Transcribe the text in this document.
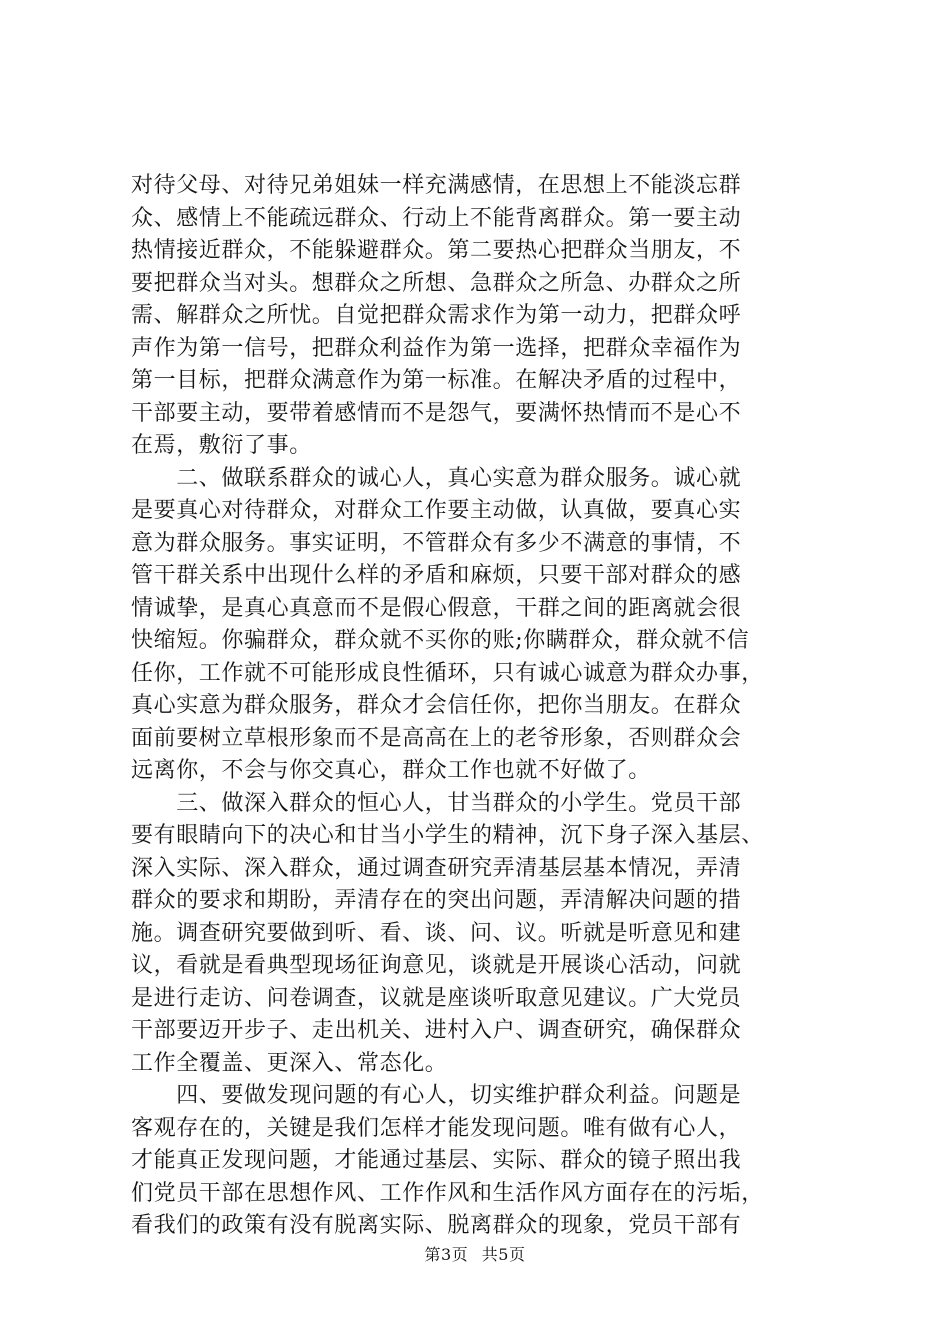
对待父母、对待兄弟姐妹一样充满感情，在思想上不能淡忘群
众、感情上不能疏远群众、行动上不能背离群众。第一要主动
热情接近群众，不能躲避群众。第二要热心把群众当朋友，不
要把群众当对头。想群众之所想、急群众之所急、办群众之所
需、解群众之所忧。自觉把群众需求作为第一动力，把群众呼
声作为第一信号，把群众利益作为第一选择，把群众幸福作为
第一目标，把群众满意作为第一标准。在解决矛盾的过程中，
干部要主动，要带着感情而不是怨气，要满怀热情而不是心不
在焉，敷衍了事。
　　二、做联系群众的诚心人，真心实意为群众服务。诚心就
是要真心对待群众，对群众工作要主动做，认真做，要真心实
意为群众服务。事实证明，不管群众有多少不满意的事情，不
管干群关系中出现什么样的矛盾和麻烦，只要干部对群众的感
情诚挚，是真心真意而不是假心假意，干群之间的距离就会很
快缩短。你骗群众，群众就不买你的账;你瞒群众，群众就不信
任你，工作就不可能形成良性循环，只有诚心诚意为群众办事，
真心实意为群众服务，群众才会信任你，把你当朋友。在群众
面前要树立草根形象而不是高高在上的老爷形象，否则群众会
远离你，不会与你交真心，群众工作也就不好做了。
　　三、做深入群众的恒心人，甘当群众的小学生。党员干部
要有眼睛向下的决心和甘当小学生的精神，沉下身子深入基层、
深入实际、深入群众，通过调查研究弄清基层基本情况，弄清
群众的要求和期盼，弄清存在的突出问题，弄清解决问题的措
施。调查研究要做到听、看、谈、问、议。听就是听意见和建
议，看就是看典型现场征询意见，谈就是开展谈心活动，问就
是进行走访、问卷调查，议就是座谈听取意见建议。广大党员
干部要迈开步子、走出机关、进村入户、调查研究，确保群众
工作全覆盖、更深入、常态化。
　　四、要做发现问题的有心人，切实维护群众利益。问题是
客观存在的，关键是我们怎样才能发现问题。唯有做有心人，
才能真正发现问题，才能通过基层、实际、群众的镜子照出我
们党员干部在思想作风、工作作风和生活作风方面存在的污垢，
看我们的政策有没有脱离实际、脱离群众的现象，党员干部有
第3页 共5页
